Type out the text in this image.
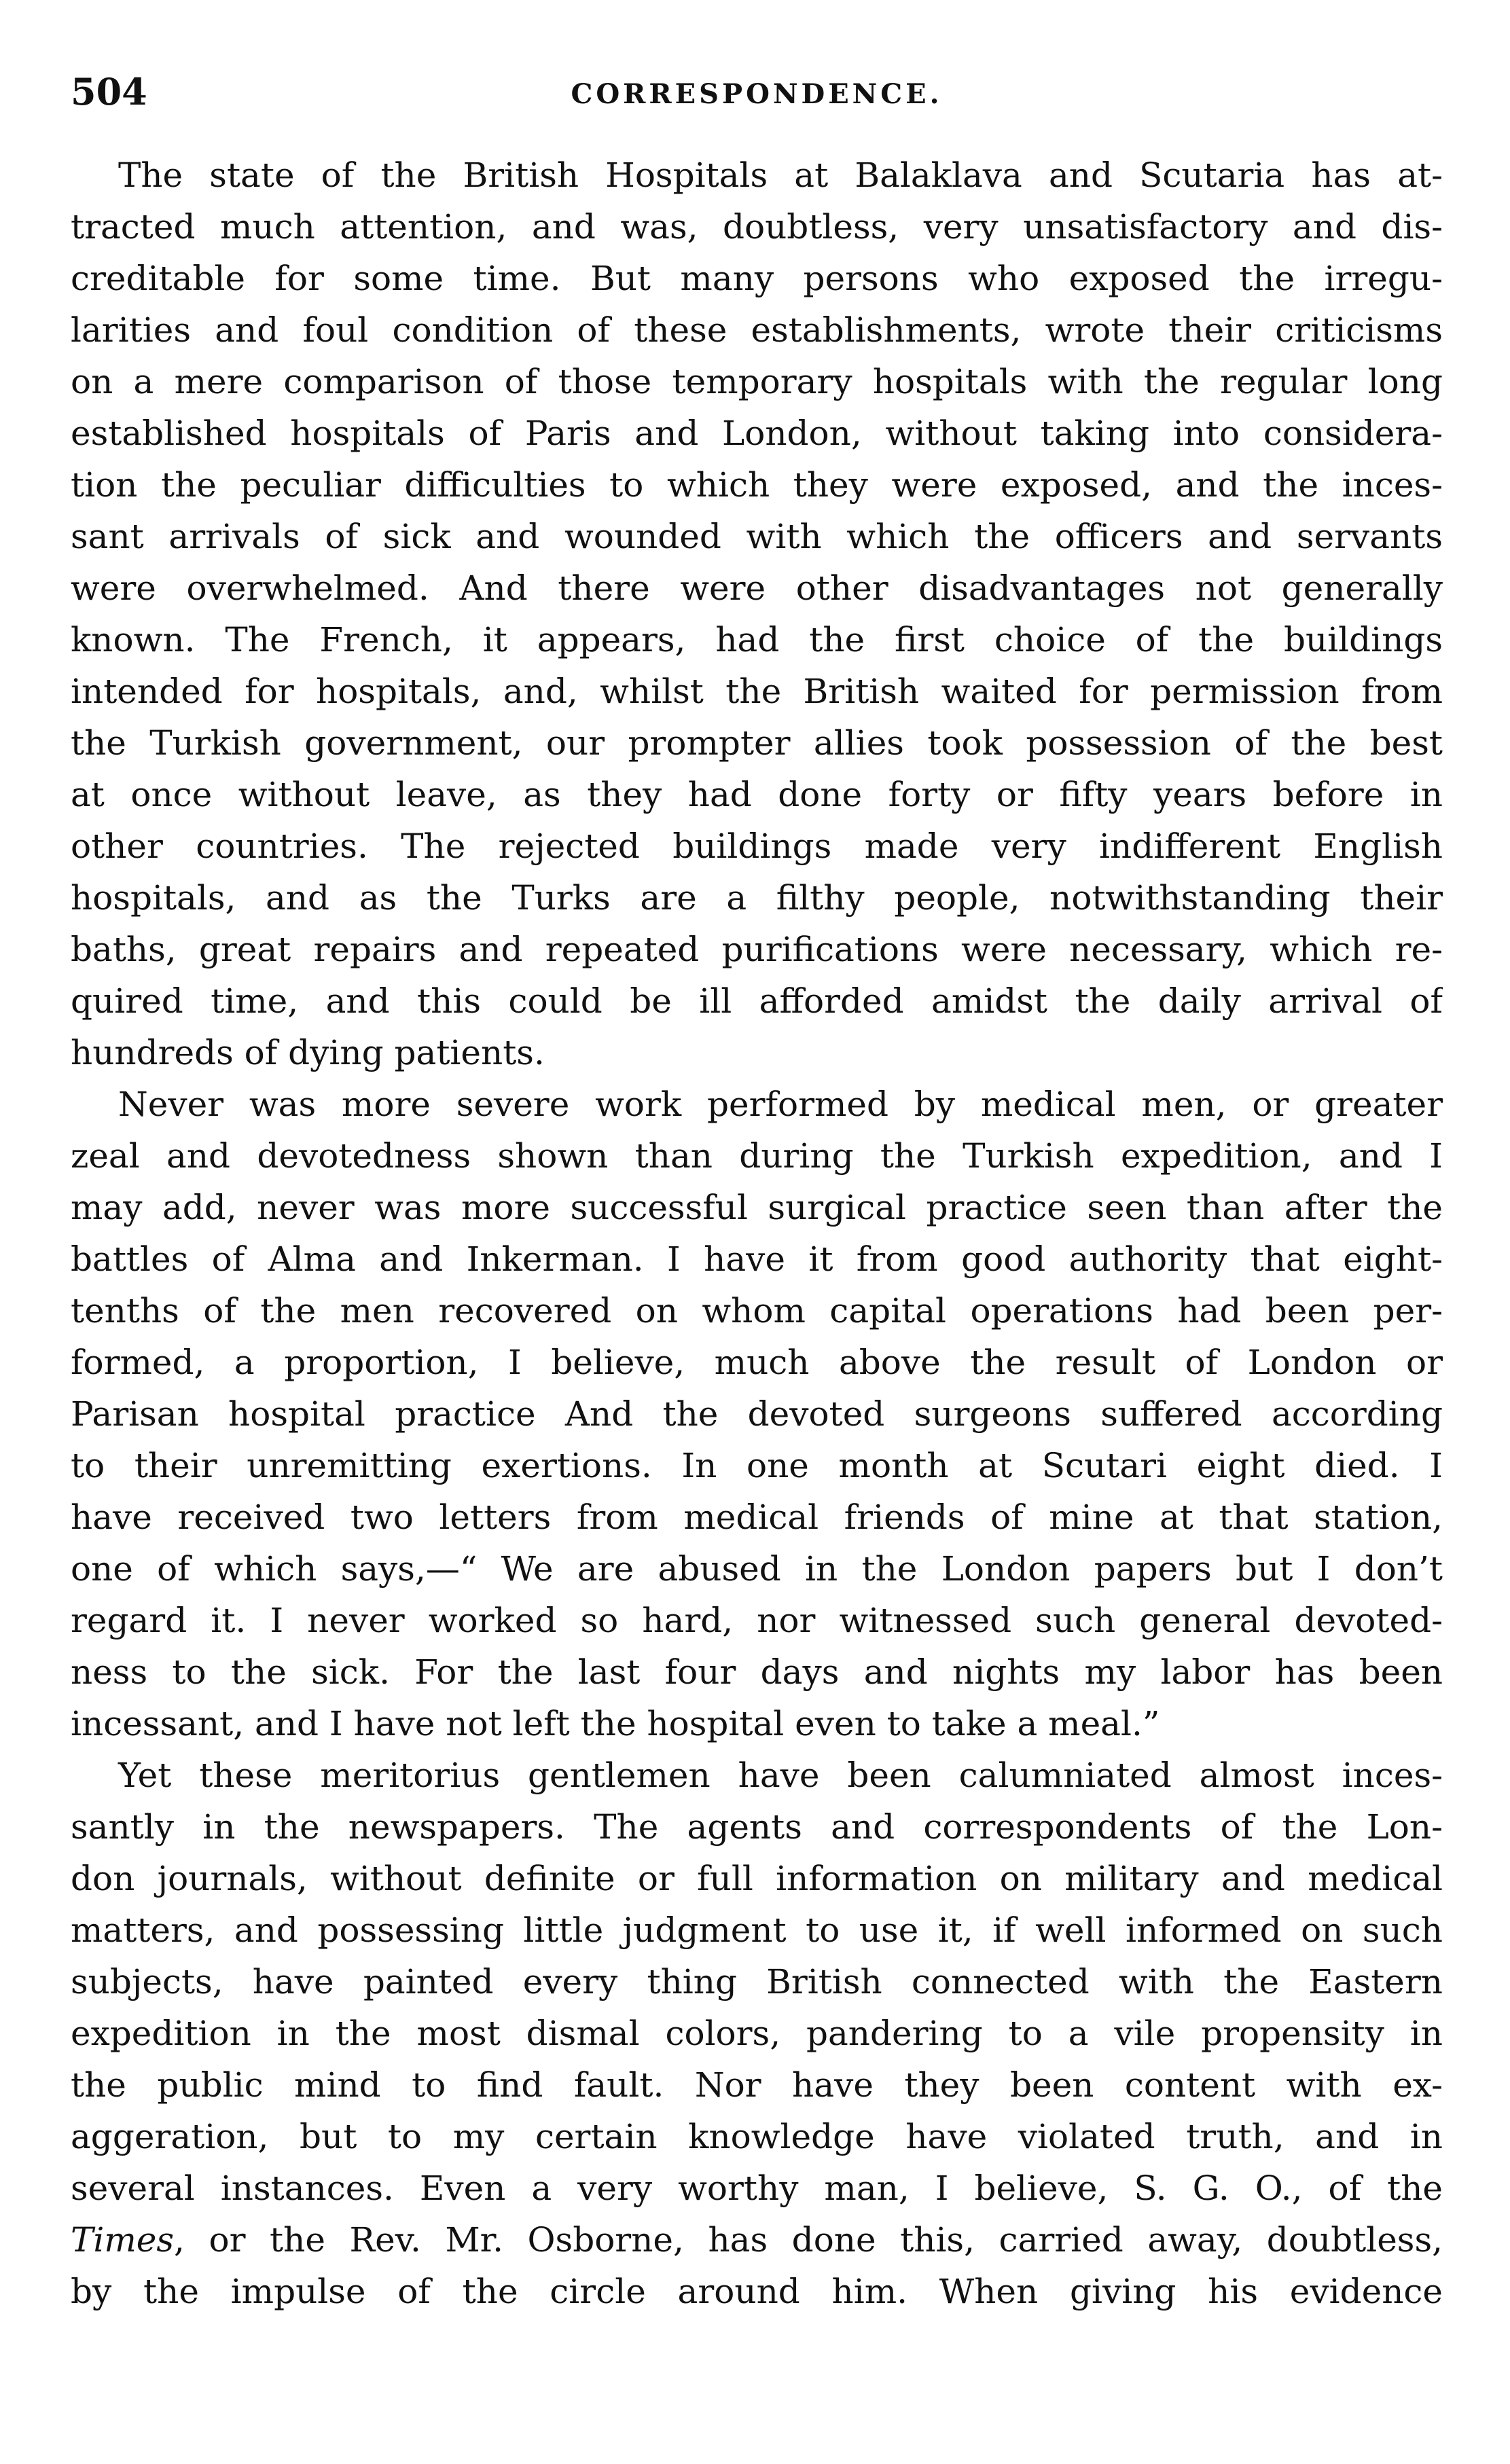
504	CORRESPONDENCE.
The state of the British Hospitals at Balaklava and Scutaria has at-
tracted much attention, and was, doubtless, very unsatisfactory and dis-
creditable for some time. But many persons who exposed the irregu-
larities and foul condition of these establishments, wrote their criticisms
on a mere comparison of those temporary hospitals with the regular long
established hospitals of Paris and London, without taking into considera-
tion the peculiar difficulties to which they were exposed, and the inces-
sant arrivals of sick and wounded with which the officers and servants
were overwhelmed. And there were other disadvantages not generally
known. The French, it appears, had the first choice of the buildings
intended for hospitals, and, whilst the British waited for permission from
the Turkish government, our prompter allies took possession of the best
at once without leave, as they had done forty or fifty years before in
other countries. The rejected buildings made very indifferent English
hospitals, and as the Turks are a filthy people, notwithstanding their
baths, great repairs and repeated purifications were necessary, which re-
quired time, and this could be ill afforded amidst the daily arrival of
hundreds of dying patients.
Never was more severe work performed by medical men, or greater
zeal and devotedness shown than during the Turkish expedition, and I
may add, never was more successful surgical practice seen than after the
battles of Alma and Inkerman. I have it from good authority that eight-
tenths of the men recovered on whom capital operations had been per-
formed, a proportion, I believe, much above the result of London or
Parisan hospital practice And the devoted surgeons suffered according
to their unremitting exertions. In one month at Scutari eight died. I
have received two letters from medical friends of mine at that station,
one of which says,—“ We are abused in the London papers but I don’t
regard it. I never worked so hard, nor witnessed such general devoted-
ness to the sick. For the last four days and nights my labor has been
incessant, and I have not left the hospital even to take a meal.”
Yet these meritorius gentlemen have been calumniated almost inces-
santly in the newspapers. The agents and correspondents of the Lon-
don journals, without definite or full information on military and medical
matters, and possessing little judgment to use it, if well informed on such
subjects, have painted every thing British connected with the Eastern
expedition in the most dismal colors, pandering to a vile propensity in
the public mind to find fault. Nor have they been content with ex-
aggeration, but to my certain knowledge have violated truth, and in
several instances. Even a very worthy man, I believe, S. G. O., of the
Times, or the Rev. Mr. Osborne, has done this, carried away, doubtless,
by the impulse of the circle around him. When giving his evidence
